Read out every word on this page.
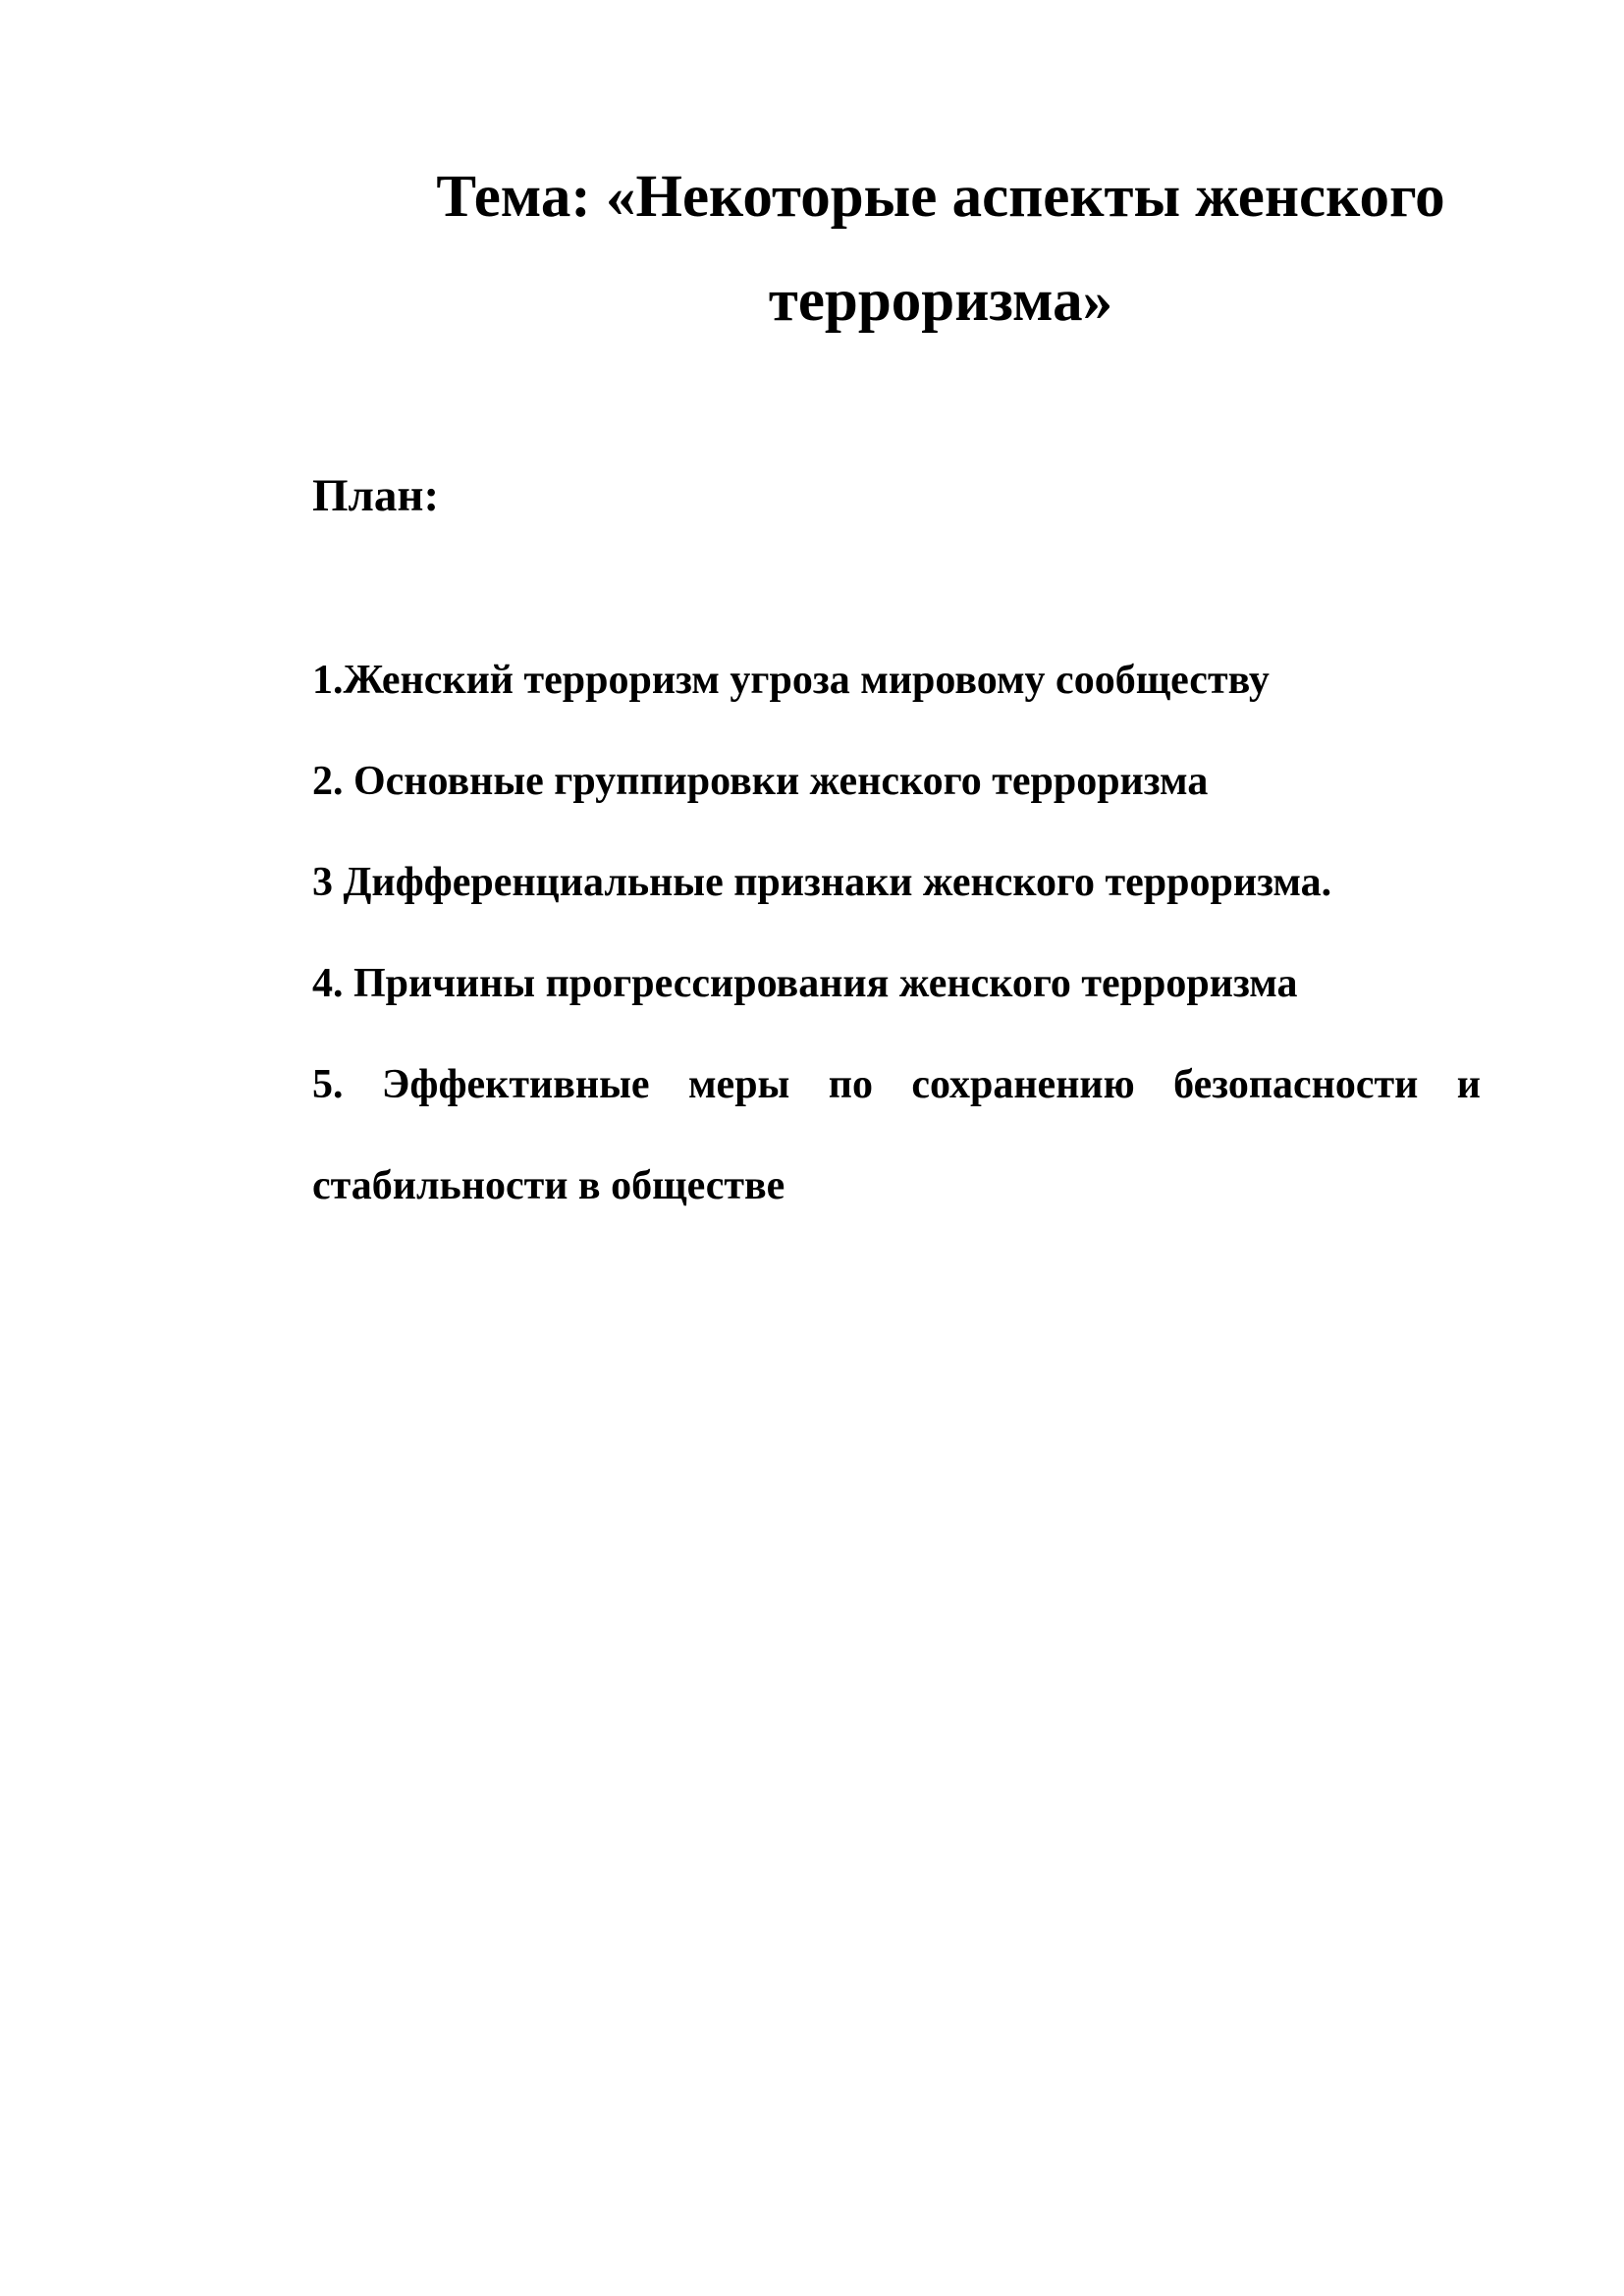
Тема: «Некоторые аспекты женского терроризма»
План:
1.Женский терроризм угроза мировому сообществу
2. Основные группировки женского терроризма
3 Дифференциальные признаки женского терроризма.
4. Причины прогрессирования женского терроризма
5. Эффективные меры по сохранению безопасности и стабильности в обществе
